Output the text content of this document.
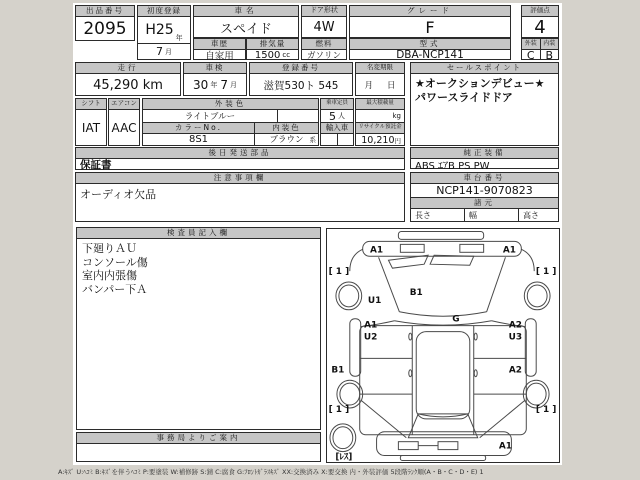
出品番号
2095
初度登録
H25 年
7 月
車名
スペイド
車歴
自家用
排気量
1500 cc
ドア形状
4W
燃料
ガソリン
グレード
F
型式
DBA-NCP141
評価点
4
外装
C
内装
B
走行
45,290 km
車検
30 年 7 月
登録番号
滋賀530ト 545
名変期限
月 日
セールスポイント
★オークションデビュー★
パワースライドドア
シフト
IAT
エアコン
AAC
外装色
ライトブルー
カラーNo.	内装色
8S1	ブラウン 系
乗車定員
5 人
輸入車
最大積載量
kg
リサイクル預託金
10,210 円
後日発送部品
保証書
純正装備
ABS ｴｱB PS PW
注意事項欄
オーディオ欠品
車台番号
NCP141-9070823
諸元
長さ	幅	高さ
検査員記入欄
下廻りＡＵ
コンソール傷
室内内張傷
バンパー下Ａ
事務局よりご案内
A1	A1
[ 1 ]	[ 1 ]
B1
U1
G
A1
U2
A2
U3
B1	A2
[ 1 ]	[ 1 ]
A1
[ﾚｽ]
A:ｷｽﾞ U:ﾍｺﾐ B:ｷｽﾞを伴うﾍｺﾐ P:要塗装 W:補修跡 S:錆 C:腐食 G:ﾌﾛﾝﾄｶﾞﾗｽｷｽﾞ XX:交換済み X:要交換 内・外装評価 5段階ﾗﾝｸ順(A・B・C・D・E) 1
